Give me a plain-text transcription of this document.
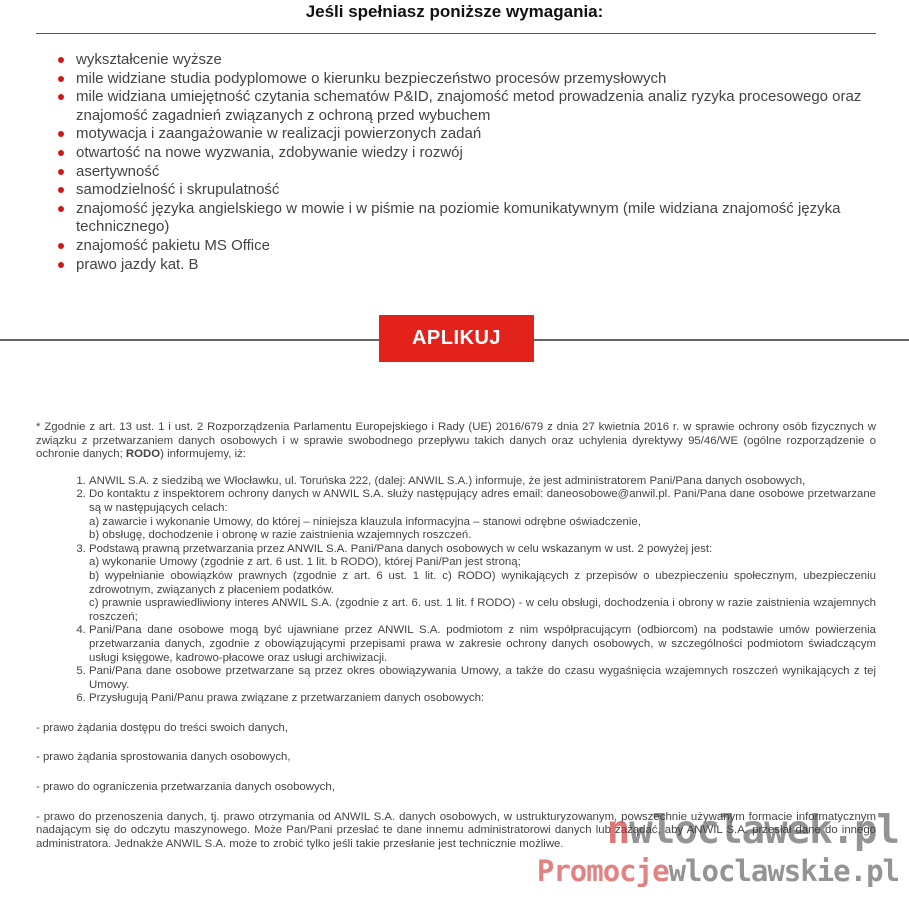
Jeśli spełniasz poniższe wymagania:
wykształcenie wyższe
mile widziane studia podyplomowe o kierunku bezpieczeństwo procesów przemysłowych
mile widziana umiejętność czytania schematów P&ID, znajomość metod prowadzenia analiz ryzyka procesowego oraz znajomość zagadnień związanych z ochroną przed wybuchem
motywacja i zaangażowanie w realizacji powierzonych zadań
otwartość na nowe wyzwania, zdobywanie wiedzy i rozwój
asertywność
samodzielność i skrupulatność
znajomość języka angielskiego w mowie i w piśmie na poziomie komunikatywnym (mile widziana znajomość języka technicznego)
znajomość pakietu MS Office
prawo jazdy kat. B
APLIKUJ

* Zgodnie z art. 13 ust. 1 i ust. 2 Rozporządzenia Parlamentu Europejskiego i Rady (UE) 2016/679 z dnia 27 kwietnia 2016 r. w sprawie ochrony osób fizycznych w związku z przetwarzaniem danych osobowych i w sprawie swobodnego przepływu takich danych oraz uchylenia dyrektywy 95/46/WE (ogólne rozporządzenie o ochronie danych; RODO) informujemy, iż:

1. ANWIL S.A. z siedzibą we Włocławku, ul. Toruńska 222, (dalej: ANWIL S.A.) informuje, że jest administratorem Pani/Pana danych osobowych,
2. Do kontaktu z inspektorem ochrony danych w ANWIL S.A. służy następujący adres email: daneosobowe@anwil.pl. Pani/Pana dane osobowe przetwarzane są w następujących celach:
a) zawarcie i wykonanie Umowy, do której – niniejsza klauzula informacyjna – stanowi odrębne oświadczenie,
b) obsługę, dochodzenie i obronę w razie zaistnienia wzajemnych roszczeń.
3. Podstawą prawną przetwarzania przez ANWIL S.A. Pani/Pana danych osobowych w celu wskazanym w ust. 2 powyżej jest:
a) wykonanie Umowy (zgodnie z art. 6 ust. 1 lit. b RODO), której Pani/Pan jest stroną;
b) wypełnianie obowiązków prawnych (zgodnie z art. 6 ust. 1 lit. c) RODO) wynikających z przepisów o ubezpieczeniu społecznym, ubezpieczeniu zdrowotnym, związanych z płaceniem podatków.
c) prawnie usprawiedliwiony interes ANWIL S.A. (zgodnie z art. 6. ust. 1 lit. f RODO) - w celu obsługi, dochodzenia i obrony w razie zaistnienia wzajemnych roszczeń;
4. Pani/Pana dane osobowe mogą być ujawniane przez ANWIL S.A. podmiotom z nim współpracującym (odbiorcom) na podstawie umów powierzenia przetwarzania danych, zgodnie z obowiązującymi przepisami prawa w zakresie ochrony danych osobowych, w szczególności podmiotom świadczącym usługi księgowe, kadrowo-płacowe oraz usługi archiwizacji.
5. Pani/Pana dane osobowe przetwarzane są przez okres obowiązywania Umowy, a także do czasu wygaśnięcia wzajemnych roszczeń wynikających z tej Umowy.
6. Przysługują Pani/Panu prawa związane z przetwarzaniem danych osobowych:

- prawo żądania dostępu do treści swoich danych,

- prawo żądania sprostowania danych osobowych,

- prawo do ograniczenia przetwarzania danych osobowych,

- prawo do przenoszenia danych, tj. prawo otrzymania od ANWIL S.A. danych osobowych, w ustrukturyzowanym, powszechnie używanym formacie informatycznym nadającym się do odczytu maszynowego. Może Pan/Pani przesłać te dane innemu administratorowi danych lub zażądać, aby ANWIL S.A. przesłał dane do innego administratora. Jednakże ANWIL S.A. może to zrobić tylko jeśli takie przesłanie jest technicznie możliwe.	nwloclawek.pl
Promocjewloclawskie.pl
